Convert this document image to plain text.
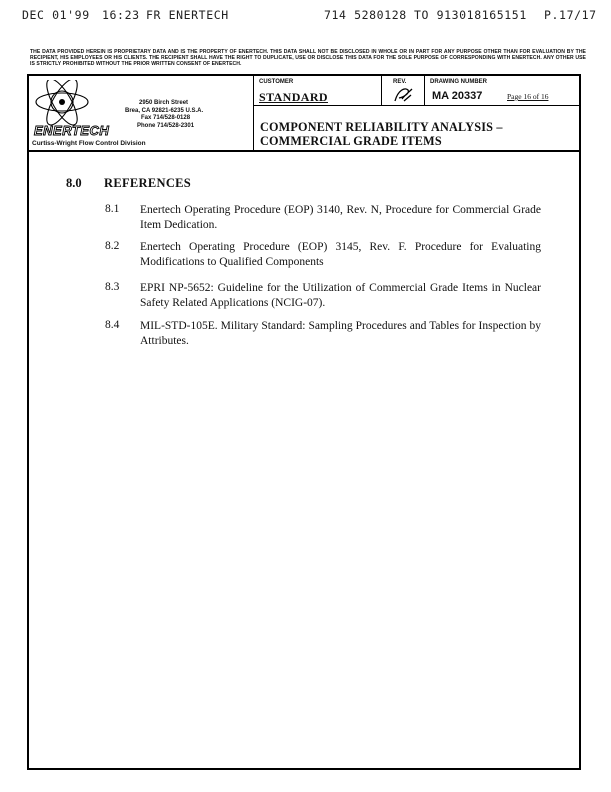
DEC 01'99 16:23 FR ENERTECH	714 5280128 TO 913018165151 P.17/17
THE DATA PROVIDED HEREIN IS PROPRIETARY DATA AND IS THE PROPERTY OF ENERTECH. THIS DATA SHALL NOT BE DISCLOSED IN WHOLE OR IN PART FOR ANY PURPOSE OTHER THAN FOR EVALUATION BY THE RECIPIENT, HIS EMPLOYEES OR HIS CLIENTS. THE RECIPIENT SHALL HAVE THE RIGHT TO DUPLICATE, USE OR DISCLOSE THIS DATA FOR THE SOLE PURPOSE OF CORRESPONDING WITH ENERTECH. ANY OTHER USE IS STRICTLY PROHIBITED WITHOUT THE PRIOR WRITTEN CONSENT OF ENERTECH.
ENERTECH
2950 Birch Street
Brea, CA 92821-6235 U.S.A.
Fax 714/528-0128
Phone 714/528-2301
Curtiss-Wright Flow Control Division
CUSTOMER
STANDARD
REV.	DRAWING NUMBER
MA 20337	Page 16 of 16
COMPONENT RELIABILITY ANALYSIS –
COMMERCIAL GRADE ITEMS
8.0 REFERENCES
8.1 Enertech Operating Procedure (EOP) 3140, Rev. N, Procedure for Commercial Grade Item Dedication.
8.2 Enertech Operating Procedure (EOP) 3145, Rev. F. Procedure for Evaluating Modifications to Qualified Components
8.3 EPRI NP-5652: Guideline for the Utilization of Commercial Grade Items in Nuclear Safety Related Applications (NCIG-07).
8.4 MIL-STD-105E. Military Standard: Sampling Procedures and Tables for Inspection by Attributes.
